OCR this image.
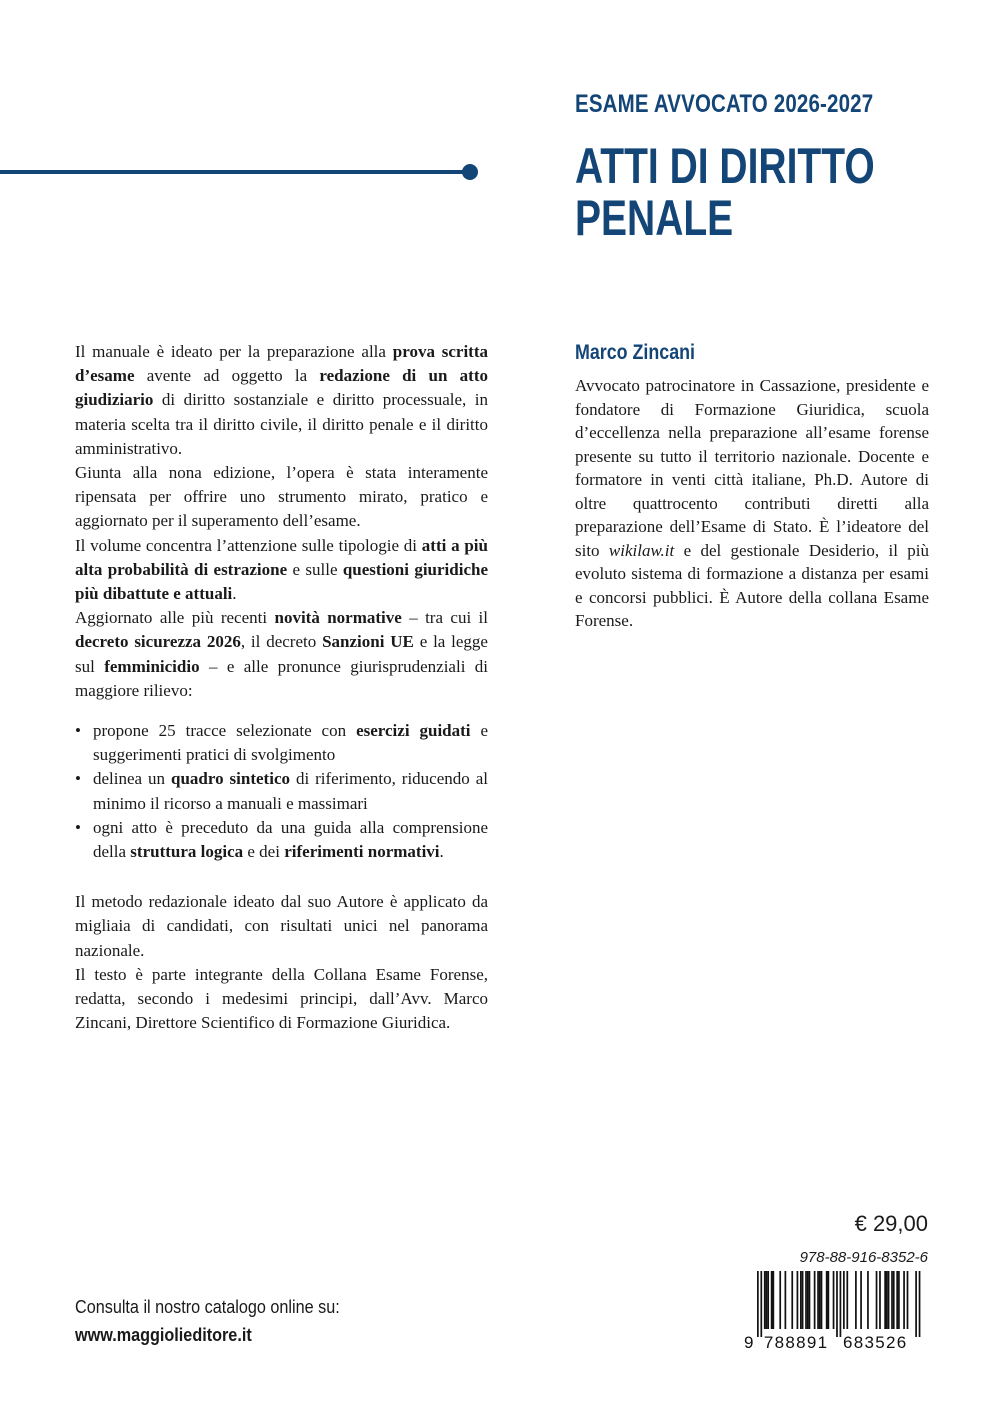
ESAME AVVOCATO 2026-2027
ATTI DI DIRITTO
PENALE

Il manuale è ideato per la preparazione alla prova scritta d’esame avente ad oggetto la redazione di un atto giudiziario di diritto sostanziale e diritto processuale, in materia scelta tra il diritto civile, il diritto penale e il diritto amministrativo.

Giunta alla nona edizione, l’opera è stata interamente ripensata per offrire uno strumento mirato, pratico e aggiornato per il superamento dell’esame.

Il volume concentra l’attenzione sulle tipologie di atti a più alta probabilità di estrazione e sulle questioni giuridiche più dibattute e attuali.

Aggiornato alle più recenti novità normative – tra cui il decreto sicurezza 2026, il decreto Sanzioni UE e la legge sul femminicidio – e alle pronunce giurisprudenziali di maggiore rilievo:

• propone 25 tracce selezionate con esercizi guidati e suggerimenti pratici di svolgimento
• delinea un quadro sintetico di riferimento, riducendo al minimo il ricorso a manuali e massimari
• ogni atto è preceduto da una guida alla comprensione della struttura logica e dei riferimenti normativi.

Il metodo redazionale ideato dal suo Autore è applicato da migliaia di candidati, con risultati unici nel panorama nazionale.

Il testo è parte integrante della Collana Esame Forense, redatta, secondo i medesimi principi, dall’Avv. Marco Zincani, Direttore Scientifico di Formazione Giuridica.

Marco Zincani

Avvocato patrocinatore in Cassazione, presidente e fondatore di Formazione Giuridica, scuola d’eccellenza nella preparazione all’esame forense presente su tutto il territorio nazionale. Docente e formatore in venti città italiane, Ph.D. Autore di oltre quattrocento contributi diretti alla preparazione dell’Esame di Stato. È l’ideatore del sito wikilaw.it e del gestionale Desiderio, il più evoluto sistema di formazione a distanza per esami e concorsi pubblici. È Autore della collana Esame Forense.

Consulta il nostro catalogo online su:
www.maggiolieditore.it
€ 29,00
978-88-916-8352-6
9 788891 683526
